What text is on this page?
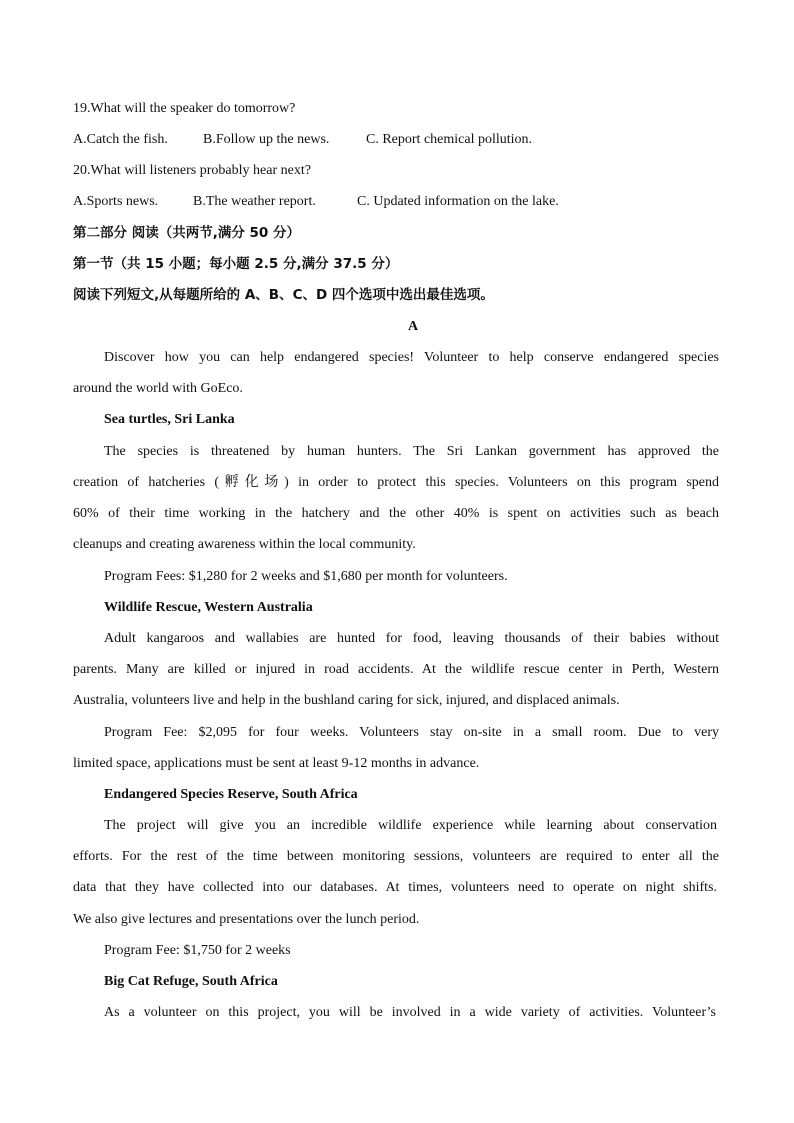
19.What will the speaker do tomorrow?
A.Catch the fish.	B.Follow up the news.	C. Report chemical pollution.
20.What will listeners probably hear next?
A.Sports news. B.The weather report.	C. Updated information on the lake.
第二部分 阅读（共两节,满分 50 分）
第一节（共 15 小题；每小题 2.5 分,满分 37.5 分）
阅读下列短文,从每题所给的 A、B、C、D 四个选项中选出最佳选项。
A
Discover how you can help endangered species! Volunteer to help conserve endangered species
around the world with GoEco.
Sea turtles, Sri Lanka
The species is threatened by human hunters. The Sri Lankan government has approved the
creation of hatcheries (孵化场) in order to protect this species. Volunteers on this program spend
60% of their time working in the hatchery and the other 40% is spent on activities such as beach
cleanups and creating awareness within the local community.
Program Fees: $1,280 for 2 weeks and $1,680 per month for volunteers.
Wildlife Rescue, Western Australia
Adult kangaroos and wallabies are hunted for food, leaving thousands of their babies without
parents. Many are killed or injured in road accidents. At the wildlife rescue center in Perth, Western
Australia, volunteers live and help in the bushland caring for sick, injured, and displaced animals.
Program Fee: $2,095 for four weeks. Volunteers stay on-site in a small room. Due to very
limited space, applications must be sent at least 9-12 months in advance.
Endangered Species Reserve, South Africa
The project will give you an incredible wildlife experience while learning about conservation
efforts. For the rest of the time between monitoring sessions, volunteers are required to enter all the
data that they have collected into our databases. At times, volunteers need to operate on night shifts.
We also give lectures and presentations over the lunch period.
Program Fee: $1,750 for 2 weeks
Big Cat Refuge, South Africa
As a volunteer on this project, you will be involved in a wide variety of activities. Volunteer’s
